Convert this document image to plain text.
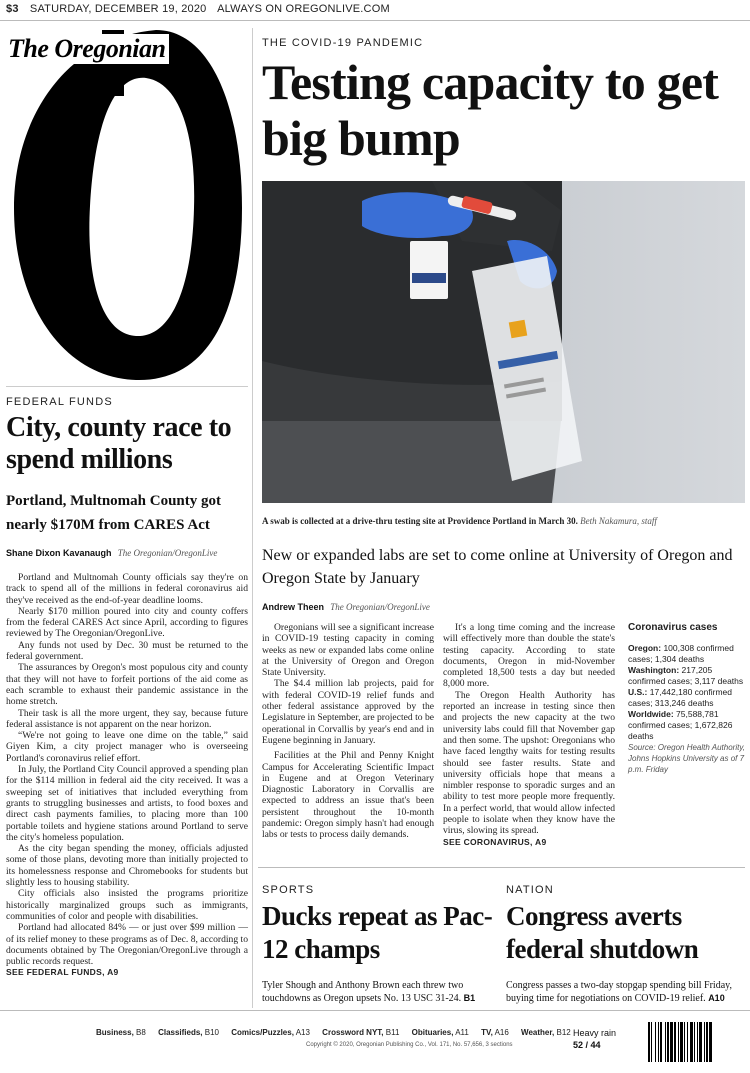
$3 SATURDAY, DECEMBER 19, 2020 ALWAYS ON OREGONLIVE.COM
The Oregonian	THE COVID-19 PANDEMIC
Testing capacity to get big bump
A swab is collected at a drive-thru testing site at Providence Portland in March 30. Beth Nakamura, staff
New or expanded labs are set to come online at University of Oregon and Oregon State by January
Andrew Theen The Oregonian/OregonLive

Oregonians will see a significant increase in COVID-19 testing capacity in coming weeks as new or expanded labs come online at the University of Oregon and Oregon State University.

The $4.4 million lab projects, paid for with federal COVID-19 relief funds and other federal assistance approved by the Legislature in September, are projected to be operational in Corvallis by year's end and in Eugene beginning in January.

Facilities at the Phil and Penny Knight Campus for Accelerating Scientific Impact in Eugene and at Oregon Veterinary Diagnostic Laboratory in Corvallis are expected to address an issue that's been persistent throughout the 10-month pandemic: Oregon simply hasn't had enough labs or tests to process daily demands.

It's a long time coming and the increase will effectively more than double the state's testing capacity. According to state documents, Oregon in mid-November completed 18,500 tests a day but needed 8,000 more.

The Oregon Health Authority has reported an increase in testing since then and projects the new capacity at the two university labs could fill that November gap and then some. The upshot: Oregonians who have faced lengthy waits for testing results should see faster results. State and university officials hope that means a nimbler response to sporadic surges and an ability to test more people more frequently. In a perfect world, that would allow infected people to isolate when they know have the virus, slowing its spread.

SEE CORONAVIRUS, A9

Coronavirus cases
Oregon: 100,308 confirmed cases; 1,304 deaths
Washington: 217,205 confirmed cases; 3,117 deaths
U.S.: 17,442,180 confirmed cases; 313,246 deaths
Worldwide: 75,588,781 confirmed cases; 1,672,826 deaths
Source: Oregon Health Authority, Johns Hopkins University as of 7 p.m. Friday
FEDERAL FUNDS
City, county race to spend millions
Portland, Multnomah County got nearly $170M from CARES Act
Shane Dixon Kavanaugh The Oregonian/OregonLive

Portland and Multnomah County officials say they're on track to spend all of the millions in federal coronavirus aid they've received as the end-of-year deadline looms.

Nearly $170 million poured into city and county coffers from the federal CARES Act since April, according to figures reviewed by The Oregonian/OregonLive.

Any funds not used by Dec. 30 must be returned to the federal government.

The assurances by Oregon's most populous city and county that they will not have to forfeit portions of the aid come as each scramble to exhaust their pandemic assistance in the home stretch.

Their task is all the more urgent, they say, because future federal assistance is not apparent on the near horizon.

“We're not going to leave one dime on the table,” said Giyen Kim, a city project manager who is overseeing Portland's coronavirus relief effort.

In July, the Portland City Council approved a spending plan for the $114 million in federal aid the city received. It was a sweeping set of initiatives that included everything from grants to struggling businesses and artists, to food boxes and direct cash payments families, to placing more than 100 portable toilets and hygiene stations around Portland to serve the city's homeless population.

As the city began spending the money, officials adjusted some of those plans, devoting more than initially projected to its homelessness response and Chromebooks for students but slightly less to housing stability.

City officials also insisted the programs prioritize historically marginalized groups such as immigrants, communities of color and people with disabilities.

Portland had allocated 84% — or just over $99 million — of its relief money to these programs as of Dec. 8, according to documents obtained by The Oregonian/OregonLive through a public records request.

SEE FEDERAL FUNDS, A9

SPORTS
Ducks repeat as Pac-12 champs
Tyler Shough and Anthony Brown each threw two touchdowns as Oregon upsets No. 13 USC 31-24. B1
NATION
Congress averts federal shutdown
Congress passes a two-day stopgap spending bill Friday, buying time for negotiations on COVID-19 relief. A10
Business, B8 Classifieds, B10 Comics/Puzzles, A13 Crossword NYT, B11 Obituaries, A11 TV, A16 Weather, B12
Copyright © 2020, Oregonian Publishing Co., Vol. 171, No. 57,656, 3 sections
Heavy rain
52 / 44
